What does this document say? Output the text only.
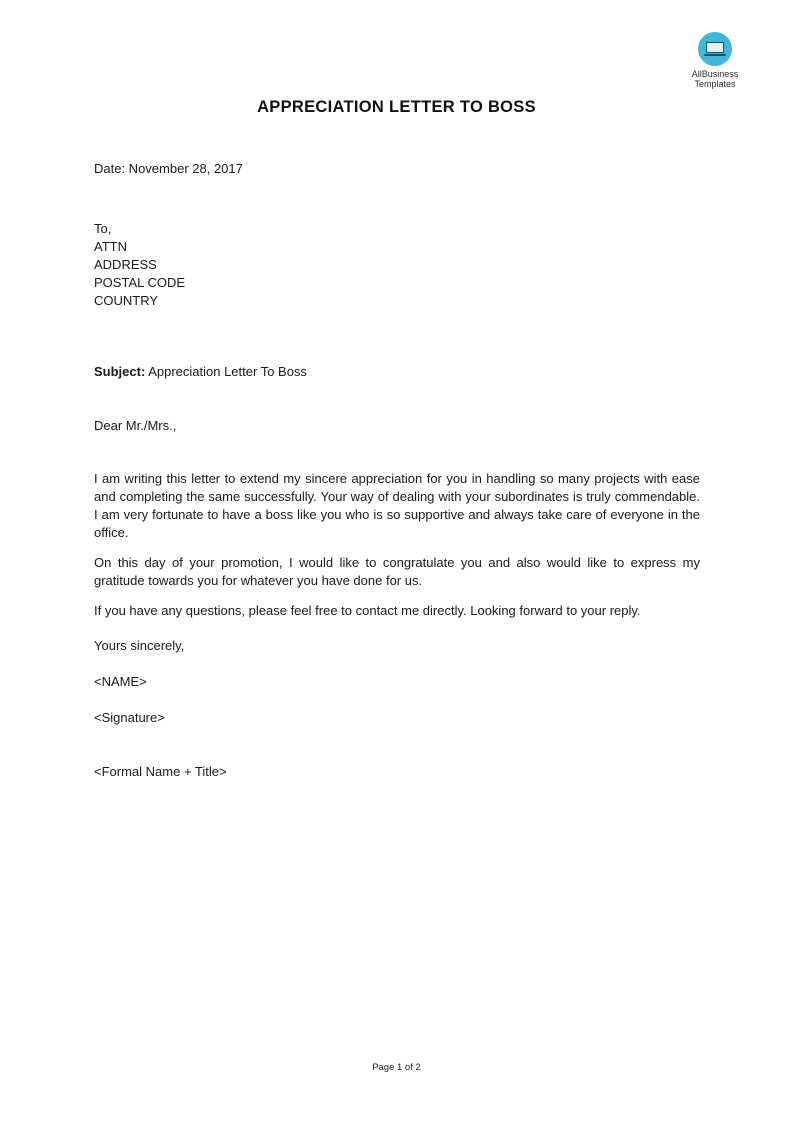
AllBusiness
Templates
APPRECIATION LETTER TO BOSS
Date: November 28, 2017
To,
ATTN
ADDRESS
POSTAL CODE
COUNTRY
Subject: Appreciation Letter To Boss
Dear Mr./Mrs.,

I am writing this letter to extend my sincere appreciation for you in handling so many projects with ease and completing the same successfully. Your way of dealing with your subordinates is truly commendable. I am very fortunate to have a boss like you who is so supportive and always take care of everyone in the office.

On this day of your promotion, I would like to congratulate you and also would like to express my gratitude towards you for whatever you have done for us.

If you have any questions, please feel free to contact me directly. Looking forward to your reply.

Yours sincerely,
<NAME>
<Signature>
<Formal Name + Title>
Page 1 of 2
